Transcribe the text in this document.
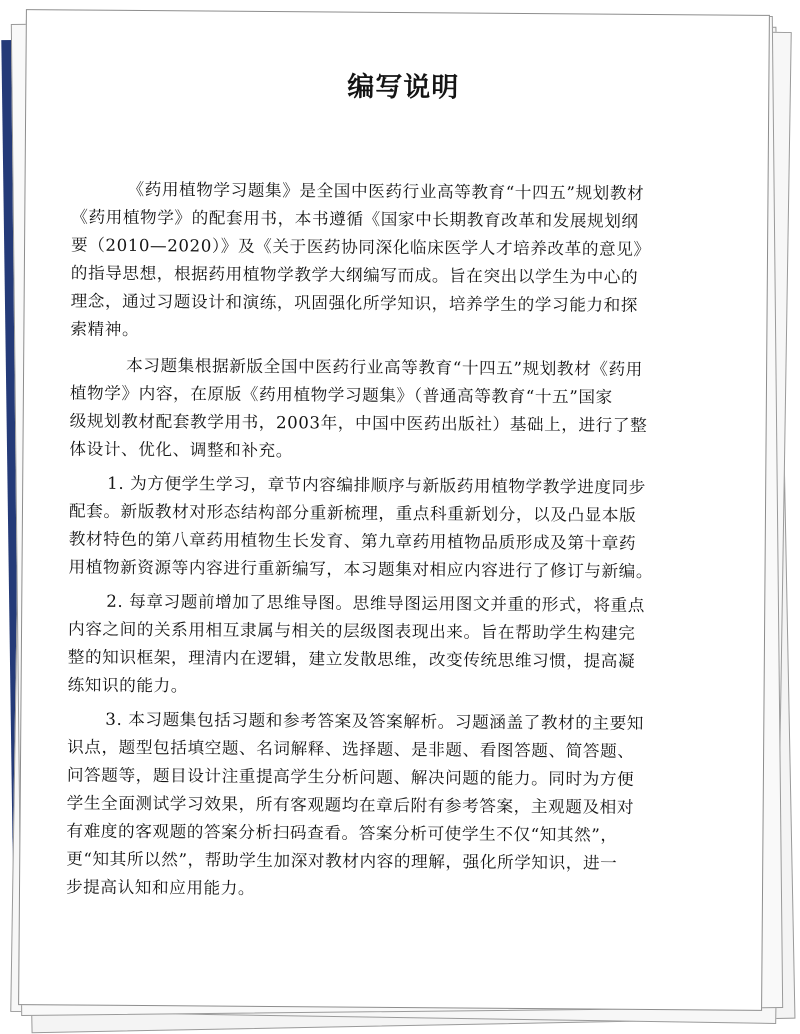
编写说明
《药用植物学习题集》是全国中医药行业高等教育“十四五”规划教材
《药用植物学》的配套用书，本书遵循《国家中长期教育改革和发展规划纲
要（2010—2020）》及《关于医药协同深化临床医学人才培养改革的意见》
的指导思想，根据药用植物学教学大纲编写而成。旨在突出以学生为中心的
理念，通过习题设计和演练，巩固强化所学知识，培养学生的学习能力和探
索精神。
本习题集根据新版全国中医药行业高等教育“十四五”规划教材《药用
植物学》内容，在原版《药用植物学习题集》（普通高等教育“十五”国家
级规划教材配套教学用书，2003年，中国中医药出版社）基础上，进行了整
体设计、优化、调整和补充。
1. 为方便学生学习，章节内容编排顺序与新版药用植物学教学进度同步
配套。新版教材对形态结构部分重新梳理，重点科重新划分，以及凸显本版
教材特色的第八章药用植物生长发育、第九章药用植物品质形成及第十章药
用植物新资源等内容进行重新编写，本习题集对相应内容进行了修订与新编。
2. 每章习题前增加了思维导图。思维导图运用图文并重的形式，将重点
内容之间的关系用相互隶属与相关的层级图表现出来。旨在帮助学生构建完
整的知识框架，理清内在逻辑，建立发散思维，改变传统思维习惯，提高凝
练知识的能力。
3. 本习题集包括习题和参考答案及答案解析。习题涵盖了教材的主要知
识点，题型包括填空题、名词解释、选择题、是非题、看图答题、简答题、
问答题等，题目设计注重提高学生分析问题、解决问题的能力。同时为方便
学生全面测试学习效果，所有客观题均在章后附有参考答案，主观题及相对
有难度的客观题的答案分析扫码查看。答案分析可使学生不仅“知其然”，
更“知其所以然”，帮助学生加深对教材内容的理解，强化所学知识，进一
步提高认知和应用能力。
